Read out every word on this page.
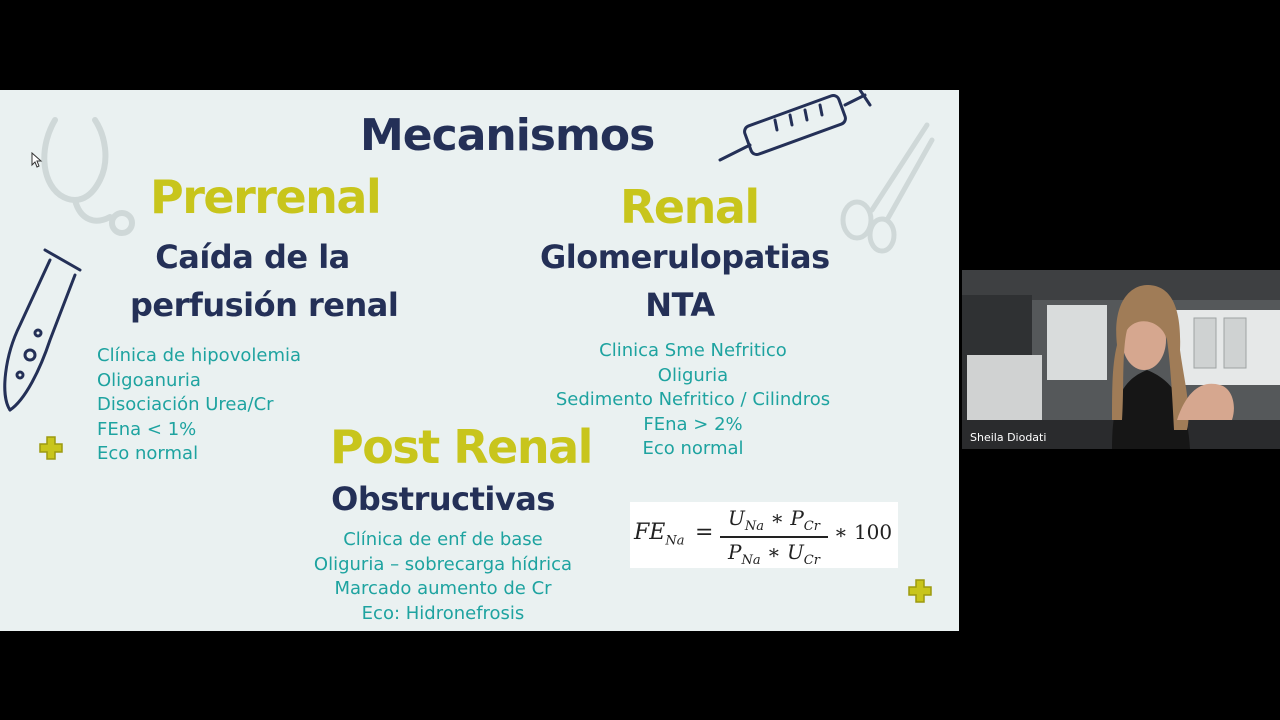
Mecanismos
Prerrenal
Caída de la
perfusión renal
Clínica de hipovolemia
Oligoanuria
Disociación Urea/Cr
FEna < 1%
Eco normal
Renal
Glomerulopatias
NTA
Clinica Sme Nefritico
Oliguria
Sedimento Nefritico / Cilindros
FEna > 2%
Eco normal
Post Renal
Obstructivas
Clínica de enf de base
Oliguria – sobrecarga hídrica
Marcado aumento de Cr
Eco: Hidronefrosis
$FE_{Na}$ =
$U_{Na}$ ∗ $P_{Cr}$
$P_{Na}$ ∗ $U_{Cr}$
∗ 100
Sheila Diodati
